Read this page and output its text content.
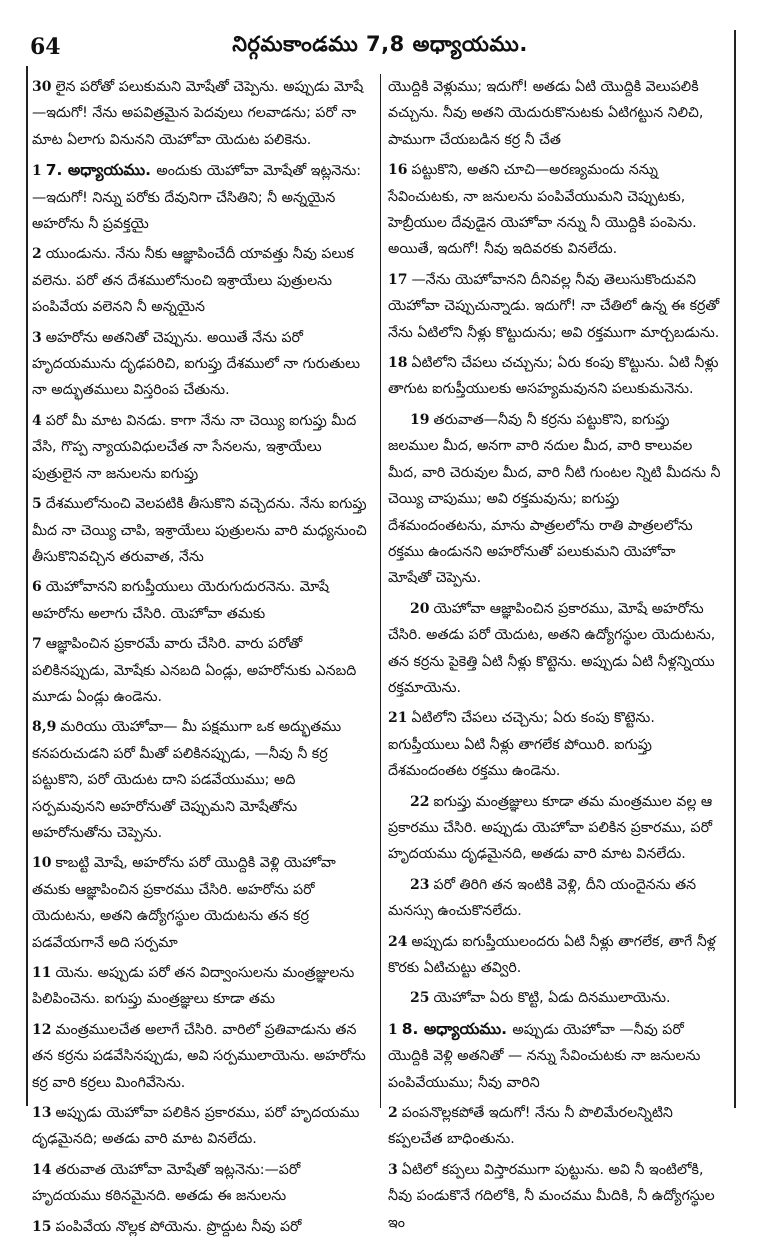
64	నిర్గమకాండము 7,8 అధ్యాయము.

30 లైన పరోతో పలుకుమని మోషేతో చెప్పెను. అప్పుడు మోషే—ఇదుగో! నేను అపవిత్రమైన పెదవులు గలవాడను; పరో నా మాట ఏలాగు వినునని యెహోవా యెదుట పలికెను.

1 7. అధ్యాయము. అందుకు యెహోవా మోషేతో ఇట్లనెను:—ఇదుగో! నిన్ను పరోకు దేవునిగా చేసితిని; నీ అన్నయైన అహరోను నీ ప్రవక్తయై

2 యుండును. నేను నీకు ఆజ్ఞాపించేదీ యావత్తు నీవు పలుక వలెను. పరో తన దేశములోనుంచి ఇశ్రాయేలు పుత్రులను పంపివేయ వలెనని నీ అన్నయైన

3 అహరోను అతనితో చెప్పును. అయితే నేను పరో హృదయమును దృఢపరిచి, ఐగుప్తు దేశములో నా గురుతులు నా అద్భుతములు విస్తరింప చేతును.

4 పరో మీ మాట వినడు. కాగా నేను నా చెయ్యి ఐగుప్తు మీద వేసి, గొప్ప న్యాయవిధులచేత నా సేనలను, ఇశ్రాయేలు పుత్రులైన నా జనులను ఐగుప్తు

5 దేశములోనుంచి వెలపటికి తీసుకొని వచ్చెదను. నేను ఐగుప్తు మీద నా చెయ్యి చాపి, ఇశ్రాయేలు పుత్రులను వారి మధ్యనుంచి తీసుకొనివచ్చిన తరువాత, నేను

6 యెహోవానని ఐగుప్తీయులు యెరుగుదురనెను. మోషే అహరోను అలాగు చేసిరి. యెహోవా తమకు

7 ఆజ్ఞాపించిన ప్రకారమే వారు చేసిరి. వారు పరోతో పలికినప్పుడు, మోషేకు ఎనబది ఏండ్లు, అహరోనుకు ఎనబది మూడు ఏండ్లు ఉండెను.

8,9 మరియు యెహోవా— మీ పక్షముగా ఒక అద్భుతము కనపరుచుడని పరో మీతో పలికినప్పుడు, —నీవు నీ కర్ర పట్టుకొని, పరో యెదుట దాని పడవేయుము; అది సర్పమవునని అహరోనుతో చెప్పుమని మోషేతోను అహరోనుతోను చెప్పెను.

10 కాబట్టి మోషే, అహరోను పరో యొద్దికి వెళ్లి యెహోవా తమకు ఆజ్ఞాపించిన ప్రకారము చేసిరి. అహరోను పరో యెదుటను, అతని ఉద్యోగస్థుల యెదుటను తన కర్ర పడవేయగానే అది సర్పమా

11 యెను. అప్పుడు పరో తన విద్వాంసులను మంత్రజ్ఞులను పిలిపించెను. ఐగుప్తు మంత్రజ్ఞులు కూడా తమ

12 మంత్రములచేత అలాగే చేసిరి. వారిలో ప్రతివాడును తన తన కర్రను పడవేసినప్పుడు, అవి సర్పములాయెను. అహరోను కర్ర వారి కర్రలు మింగివేసెను.

13 అప్పుడు యెహోవా పలికిన ప్రకారము, పరో హృదయము దృఢమైనది; అతడు వారి మాట వినలేదు.

14 తరువాత యెహోవా మోషేతో ఇట్లనెను:—పరో హృదయము కఠినమైనది. అతడు ఈ జనులను

15 పంపివేయ నొల్లక పోయెను. ప్రొద్దుట నీవు పరో

యొద్దికి వెళ్లుము; ఇదుగో! అతడు ఏటి యొద్దికి వెలుపలికి వచ్చును. నీవు అతని యెదురుకొనుటకు ఏటిగట్టున నిలిచి, పాముగా చేయబడిన కర్ర నీ చేత

16 పట్టుకొని, అతని చూచి—అరణ్యమందు నన్ను సేవించుటకు, నా జనులను పంపివేయుమని చెప్పుటకు, హెబ్రీయుల దేవుడైన యెహోవా నన్ను నీ యొద్దికి పంపెను. అయితే, ఇదుగో! నీవు ఇదివరకు వినలేదు.

17 —నేను యెహోవానని దీనివల్ల నీవు తెలుసుకొందువని యెహోవా చెప్పుచున్నాడు. ఇదుగో! నా చేతిలో ఉన్న ఈ కర్రతో నేను ఏటిలోని నీళ్లు కొట్టుదును; అవి రక్తముగా మార్చబడును.

18 ఏటిలోని చేపలు చచ్చును; ఏరు కంపు కొట్టును. ఏటి నీళ్లు తాగుట ఐగుప్తీయులకు అసహ్యమవునని పలుకుమనెను.

19 తరువాత—నీవు నీ కర్రను పట్టుకొని, ఐగుప్తు జలముల మీద, అనగా వారి నదుల మీద, వారి కాలువల మీద, వారి చెరువుల మీద, వారి నీటి గుంటల న్నిటి మీదను నీ చెయ్యి చాపుము; అవి రక్తమవును; ఐగుప్తు దేశమందంతటను, మాను పాత్రలలోను రాతి పాత్రలలోను రక్తము ఉండునని అహరోనుతో పలుకుమని యెహోవా మోషేతో చెప్పెను.

20 యెహోవా ఆజ్ఞాపించిన ప్రకారము, మోషే అహరోను చేసిరి. అతడు పరో యెదుట, అతని ఉద్యోగస్థుల యెదుటను, తన కర్రను పైకెత్తి ఏటి నీళ్లు కొట్టెను. అప్పుడు ఏటి నీళ్లన్నియు రక్తమాయెను.

21 ఏటిలోని చేపలు చచ్చెను; ఏరు కంపు కొట్టెను. ఐగుప్తీయులు ఏటి నీళ్లు తాగలేక పోయిరి. ఐగుప్తు దేశమందంతట రక్తము ఉండెను.

22 ఐగుప్తు మంత్రజ్ఞులు కూడా తమ మంత్రముల వల్ల ఆ ప్రకారము చేసిరి. అప్పుడు యెహోవా పలికిన ప్రకారము, పరో హృదయము దృఢమైనది, అతడు వారి మాట వినలేదు.

23 పరో తిరిగి తన ఇంటికి వెళ్లి, దీని యందైనను తన మనస్సు ఉంచుకొనలేదు.

24 అప్పుడు ఐగుప్తీయులందరు ఏటి నీళ్లు తాగలేక, తాగే నీళ్ల కొరకు ఏటిచుట్టు తవ్విరి.

25 యెహోవా ఏరు కొట్టి, ఏడు దినములాయెను.

1 8. అధ్యాయము. అప్పుడు యెహోవా —నీవు పరో యొద్దికి వెళ్లి అతనితో — నన్ను సేవించుటకు నా జనులను పంపివేయుము; నీవు వారిని

2 పంపనొల్లకపోతే ఇదుగో! నేను నీ పొలిమేరలన్నిటిని కప్పలచేత బాధింతును.

3 ఏటిలో కప్పలు విస్తారముగా పుట్టును. అవి నీ ఇంటిలోకి, నీవు పండుకొనే గదిలోకి, నీ మంచము మీదికి, నీ ఉద్యోగస్థుల ఇం
